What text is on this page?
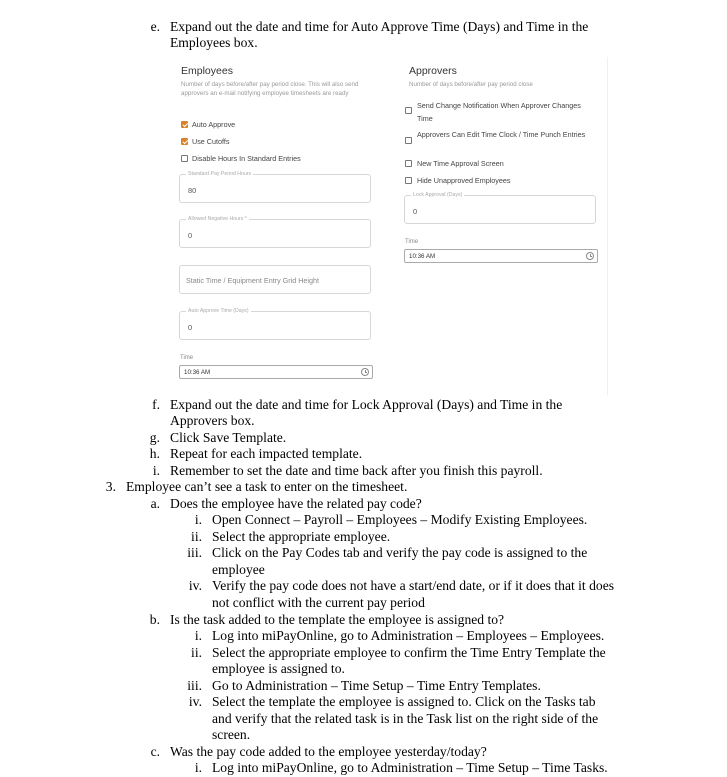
e. Expand out the date and time for Auto Approve Time (Days) and Time in the
Employees box.
Employees
Number of days before/after pay period close. This will also send approvers an e-mail notifying employee timesheets are ready
Auto Approve
Use Cutoffs
Disable Hours In Standard Entries
Standard Pay Period Hours
80
Allowed Negative Hours *
0
Static Time / Equipment Entry Grid Height
Auto Approve Time (Days)
0
Time
10:36 AM
Approvers
Number of days before/after pay period close
Send Change Notification When Approver Changes Time
Approvers Can Edit Time Clock / Time Punch Entries
New Time Approval Screen
Hide Unapproved Employees
Lock Approval (Days)
0
Time
10:36 AM
f. Expand out the date and time for Lock Approval (Days) and Time in the
Approvers box.
g. Click Save Template.
h. Repeat for each impacted template.
i. Remember to set the date and time back after you finish this payroll.
3. Employee can’t see a task to enter on the timesheet.
a. Does the employee have the related pay code?
i. Open Connect – Payroll – Employees – Modify Existing Employees.
ii. Select the appropriate employee.
iii. Click on the Pay Codes tab and verify the pay code is assigned to the
employee
iv. Verify the pay code does not have a start/end date, or if it does that it does
not conflict with the current pay period
b. Is the task added to the template the employee is assigned to?
i. Log into miPayOnline, go to Administration – Employees – Employees.
ii. Select the appropriate employee to confirm the Time Entry Template the
employee is assigned to.
iii. Go to Administration – Time Setup – Time Entry Templates.
iv. Select the template the employee is assigned to. Click on the Tasks tab
and verify that the related task is in the Task list on the right side of the
screen.
c. Was the pay code added to the employee yesterday/today?
i. Log into miPayOnline, go to Administration – Time Setup – Time Tasks.
